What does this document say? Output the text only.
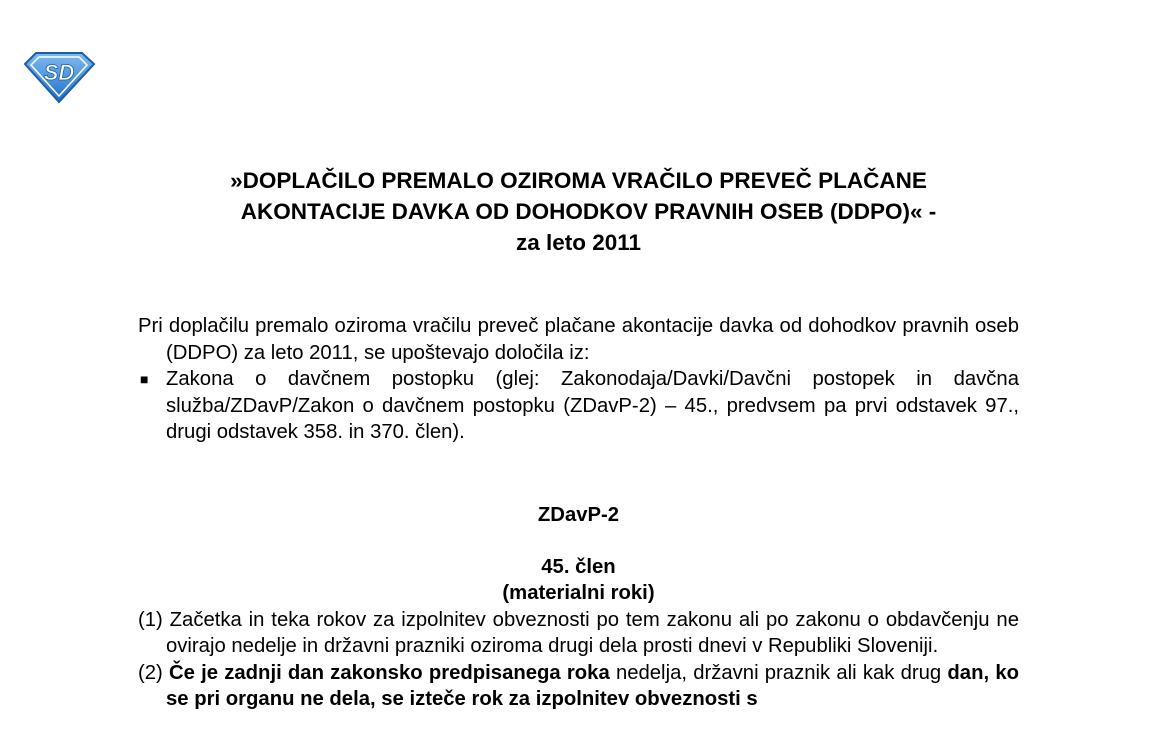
SD
»DOPLAČILO PREMALO OZIROMA VRAČILO PREVEČ PLAČANE
AKONTACIJE DAVKA OD DOHODKOV PRAVNIH OSEB (DDPO)« -
za leto 2011
Pri doplačilu premalo oziroma vračilu preveč plačane akontacije davka od dohodkov pravnih oseb (DDPO) za leto 2011, se upoštevajo določila iz:
■ Zakona o davčnem postopku (glej: Zakonodaja/Davki/Davčni postopek in davčna služba/ZDavP/Zakon o davčnem postopku (ZDavP-2) – 45., predvsem pa prvi odstavek 97., drugi odstavek 358. in 370. člen).
ZDavP-2
45. člen
(materialni roki)
(1) Začetka in teka rokov za izpolnitev obveznosti po tem zakonu ali po zakonu o obdavčenju ne ovirajo nedelje in državni prazniki oziroma drugi dela prosti dnevi v Republiki Sloveniji.
(2) Če je zadnji dan zakonsko predpisanega roka nedelja, državni praznik ali kak drug dan, ko se pri organu ne dela, se izteče rok za izpolnitev obveznosti s
